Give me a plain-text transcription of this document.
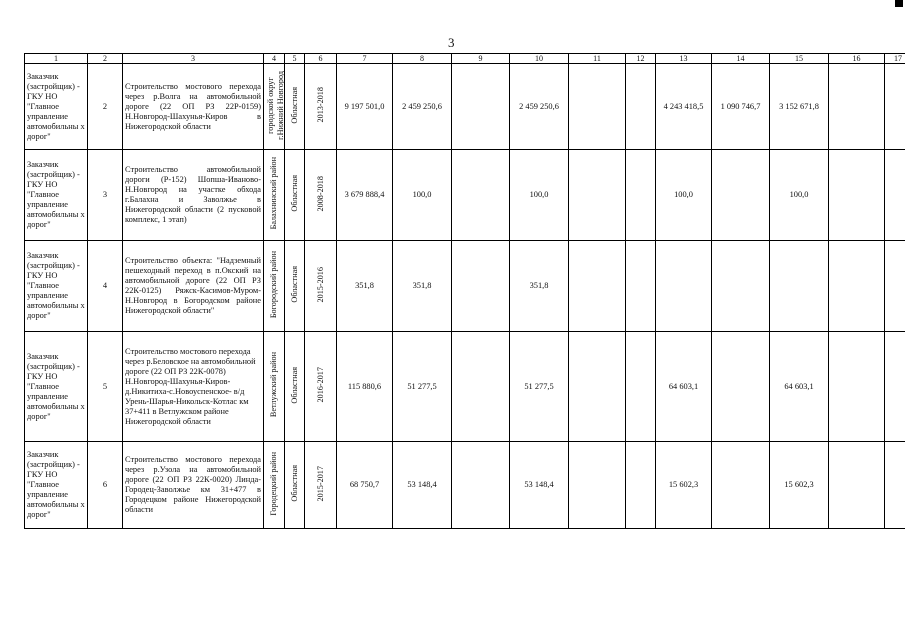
3
1	2	3	4	5	6	7	8	9	10	11	12	13	14	15	16	17
Заказчик (застройщик) - ГКУ НО "Главное управление автомобильны х дорог"	2	Строительство мостового перехода через р.Волга на автомобильной дороге (22 ОП РЗ 22Р-0159) Н.Новгород-Шахунья-Киров в Нижегородской области	городской округ
г.Нижний Новгород	Областная	2013-2018	9 197 501,0	2 459 250,6		2 459 250,6			4 243 418,5	1 090 746,7	3 152 671,8		
Заказчик (застройщик) - ГКУ НО "Главное управление автомобильны х дорог"	3	Строительство автомобильной дороги (Р-152) Шопша-Иваново-Н.Новгород на участке обхода г.Балахна и Заволжье в Нижегородской области (2 пусковой комплекс, 1 этап)	Балахнинский район	Областная	2008-2018	3 679 888,4	100,0		100,0			100,0		100,0		
Заказчик (застройщик) - ГКУ НО "Главное управление автомобильны х дорог"	4	Строительство объекта: "Надземный пешеходный переход в п.Окский на автомобильной дороге (22 ОП РЗ 22К-0125) Ряжск-Касимов-Муром-Н.Новгород в Богородском районе Нижегородской области"	Богородский район	Областная	2015-2016	351,8	351,8		351,8							
Заказчик (застройщик) - ГКУ НО "Главное управление автомобильны х дорог"	5	Строительство мостового перехода через р.Беловское на автомобильной дороге (22 ОП РЗ 22К-0078) Н.Новгород-Шахунья-Киров-д.Никитиха-с.Новоуспенское- в/д Урень-Шарья-Никольск-Котлас км 37+411 в Ветлужском районе Нижегородской области	Ветлужский район	Областная	2016-2017	115 880,6	51 277,5		51 277,5			64 603,1		64 603,1		
Заказчик (застройщик) - ГКУ НО "Главное управление автомобильны х дорог"	6	Строительство мостового перехода через р.Узола на автомобильной дороге (22 ОП РЗ 22К-0020) Линда-Городец-Заволжье км 31+477 в Городецком районе Нижегородской области	Городецкий район	Областная	2015-2017	68 750,7	53 148,4		53 148,4			15 602,3		15 602,3		
